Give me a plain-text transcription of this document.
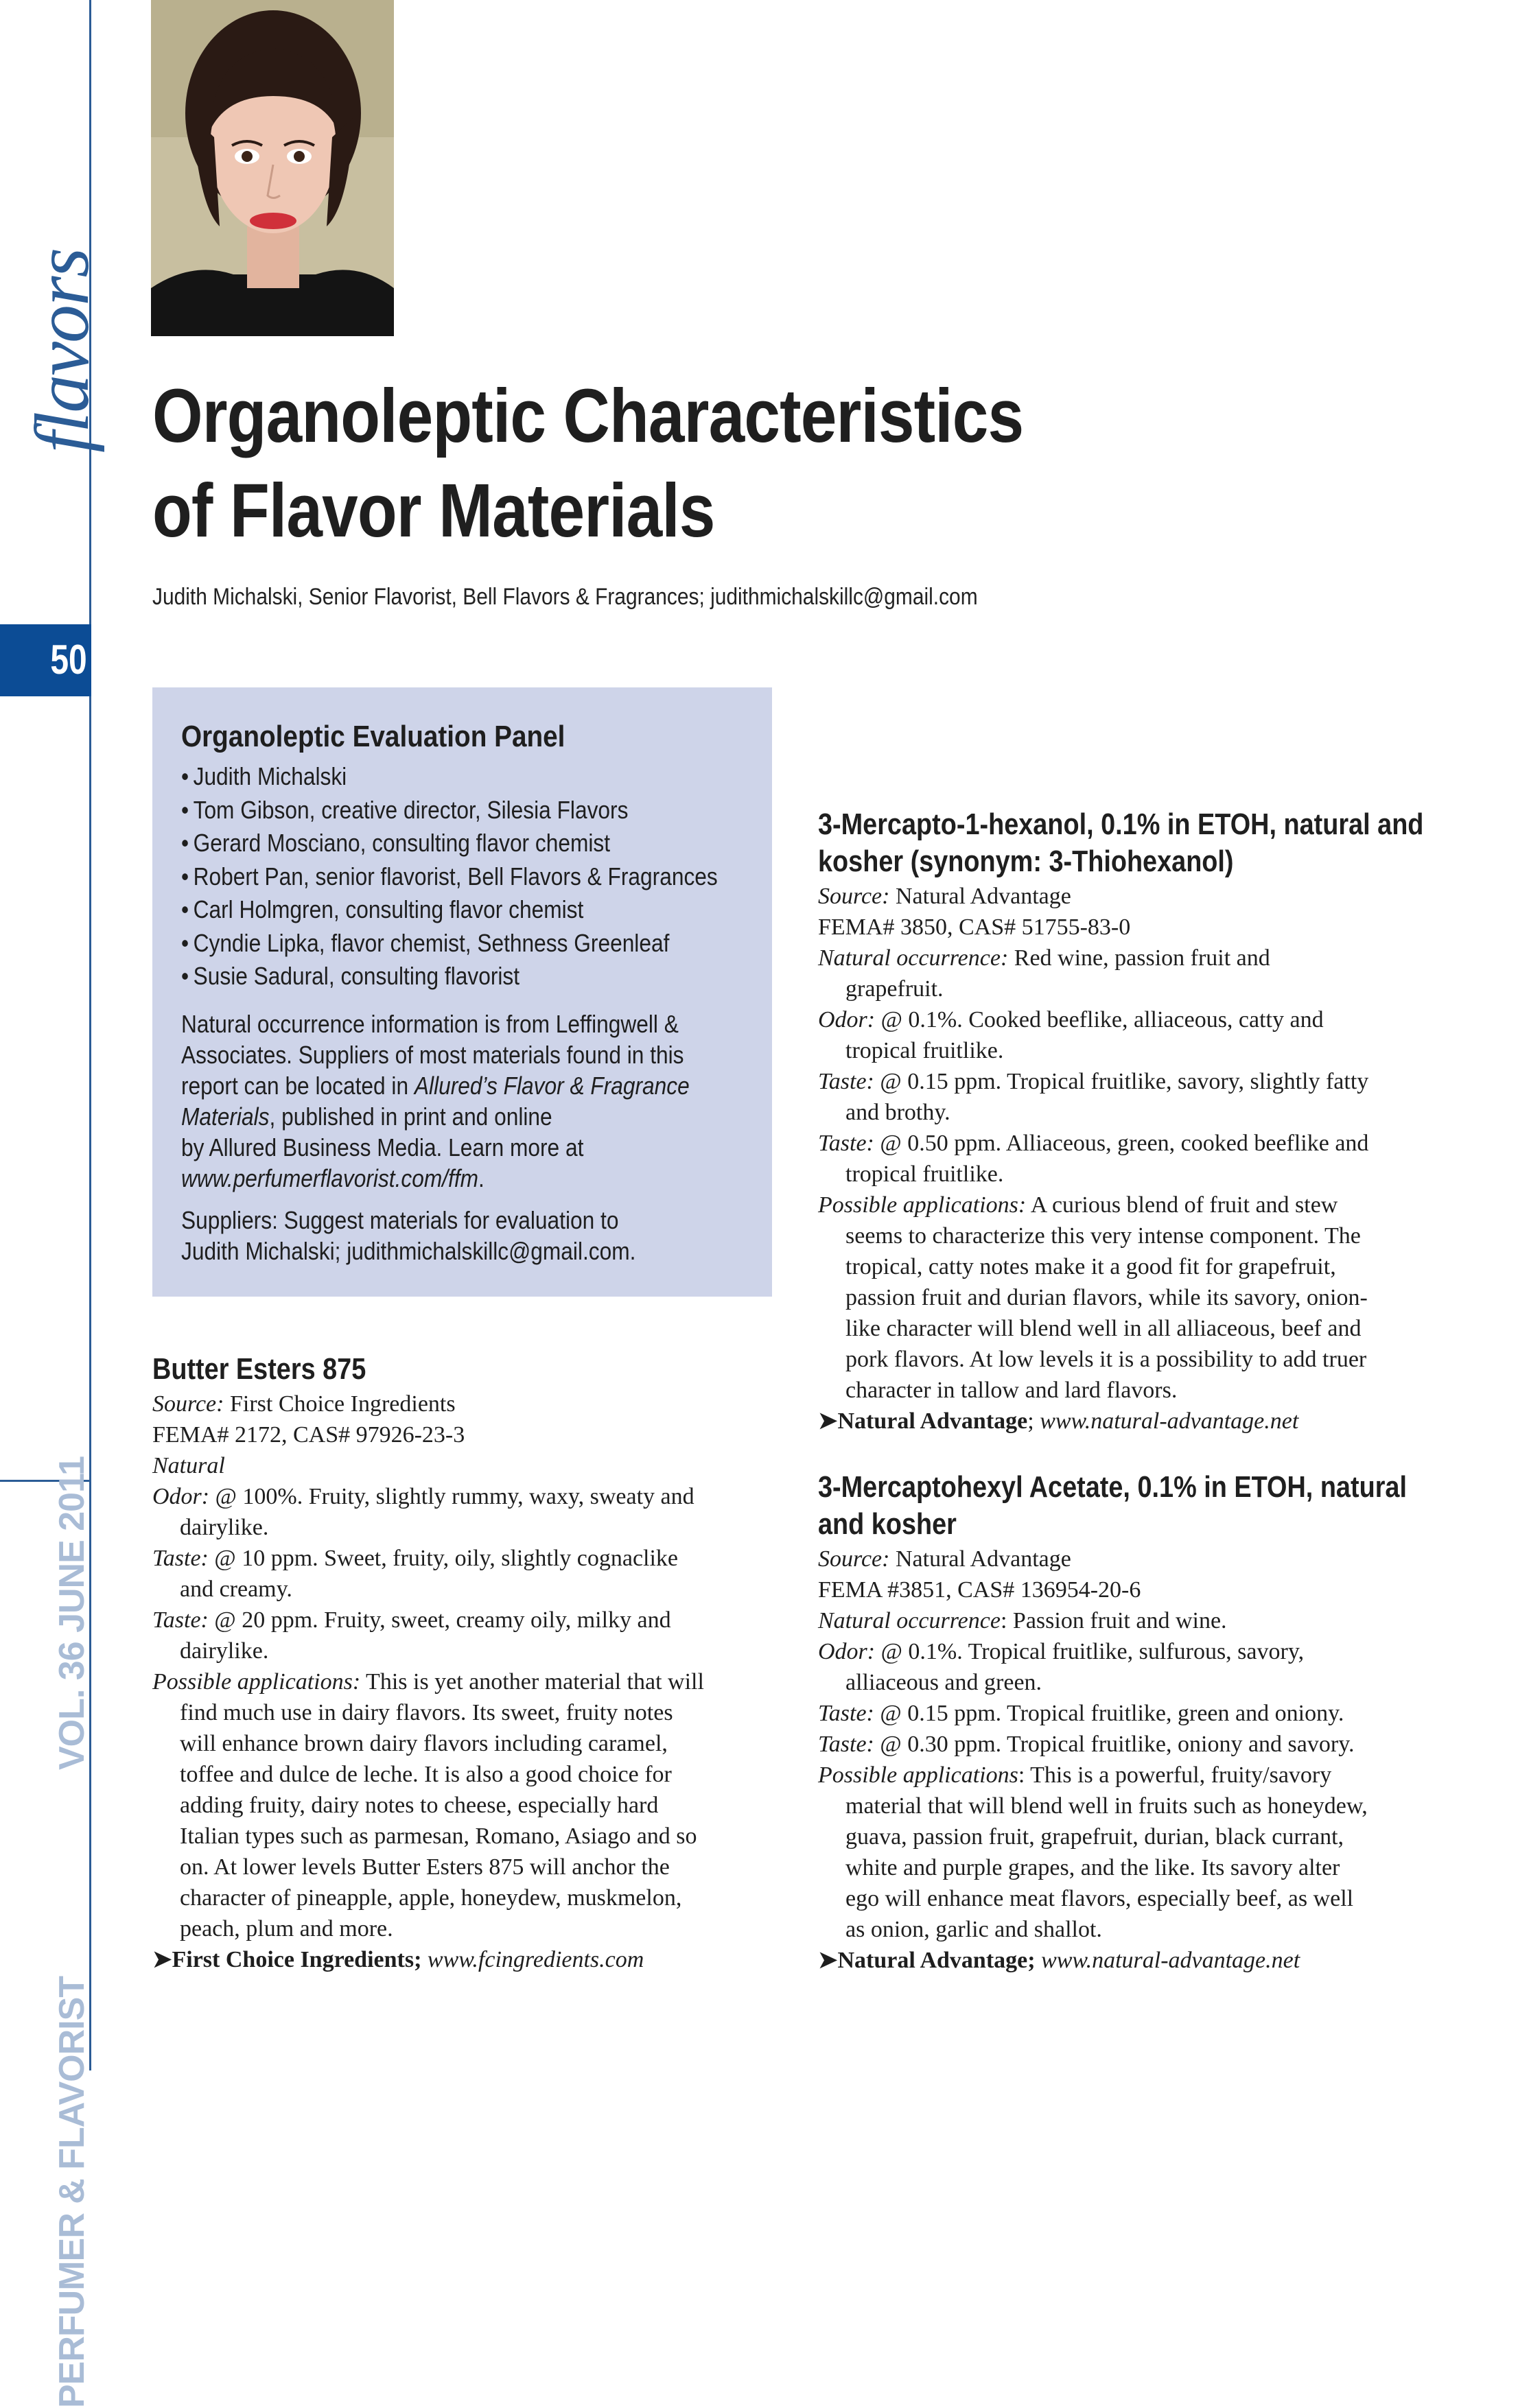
flavors
50
VOL. 36 JUNE 2011
PERFUMER & FLAVORIST
Organoleptic Characteristics
of Flavor Materials
Judith Michalski, Senior Flavorist, Bell Flavors & Fragrances; judithmichalskillc@gmail.com
Organoleptic Evaluation Panel
• Judith Michalski
• Tom Gibson, creative director, Silesia Flavors
• Gerard Mosciano, consulting flavor chemist
• Robert Pan, senior flavorist, Bell Flavors & Fragrances
• Carl Holmgren, consulting flavor chemist
• Cyndie Lipka, flavor chemist, Sethness Greenleaf
• Susie Sadural, consulting flavorist
Natural occurrence information is from Leffingwell &
Associates. Suppliers of most materials found in this
report can be located in Allured’s Flavor & Fragrance
Materials, published in print and online
by Allured Business Media. Learn more at
www.perfumerflavorist.com/ffm.
Suppliers: Suggest materials for evaluation to
Judith Michalski; judithmichalskillc@gmail.com.
Butter Esters 875
Source: First Choice Ingredients
FEMA# 2172, CAS# 97926-23-3
Natural
Odor: @ 100%. Fruity, slightly rummy, waxy, sweaty and
dairylike.
Taste: @ 10 ppm. Sweet, fruity, oily, slightly cognaclike
and creamy.
Taste: @ 20 ppm. Fruity, sweet, creamy oily, milky and
dairylike.
Possible applications: This is yet another material that will
find much use in dairy flavors. Its sweet, fruity notes
will enhance brown dairy flavors including caramel,
toffee and dulce de leche. It is also a good choice for
adding fruity, dairy notes to cheese, especially hard
Italian types such as parmesan, Romano, Asiago and so
on. At lower levels Butter Esters 875 will anchor the
character of pineapple, apple, honeydew, muskmelon,
peach, plum and more.
➤First Choice Ingredients; www.fcingredients.com
3-Mercapto-1-hexanol, 0.1% in ETOH, natural and
kosher (synonym: 3-Thiohexanol)
Source: Natural Advantage
FEMA# 3850, CAS# 51755-83-0
Natural occurrence: Red wine, passion fruit and
grapefruit.
Odor: @ 0.1%. Cooked beeflike, alliaceous, catty and
tropical fruitlike.
Taste: @ 0.15 ppm. Tropical fruitlike, savory, slightly fatty
and brothy.
Taste: @ 0.50 ppm. Alliaceous, green, cooked beeflike and
tropical fruitlike.
Possible applications: A curious blend of fruit and stew
seems to characterize this very intense component. The
tropical, catty notes make it a good fit for grapefruit,
passion fruit and durian flavors, while its savory, onion-
like character will blend well in all alliaceous, beef and
pork flavors. At low levels it is a possibility to add truer
character in tallow and lard flavors.
➤Natural Advantage; www.natural-advantage.net
3-Mercaptohexyl Acetate, 0.1% in ETOH, natural
and kosher
Source: Natural Advantage
FEMA #3851, CAS# 136954-20-6
Natural occurrence: Passion fruit and wine.
Odor: @ 0.1%. Tropical fruitlike, sulfurous, savory,
alliaceous and green.
Taste: @ 0.15 ppm. Tropical fruitlike, green and oniony.
Taste: @ 0.30 ppm. Tropical fruitlike, oniony and savory.
Possible applications: This is a powerful, fruity/savory
material that will blend well in fruits such as honeydew,
guava, passion fruit, grapefruit, durian, black currant,
white and purple grapes, and the like. Its savory alter
ego will enhance meat flavors, especially beef, as well
as onion, garlic and shallot.
➤Natural Advantage; www.natural-advantage.net
